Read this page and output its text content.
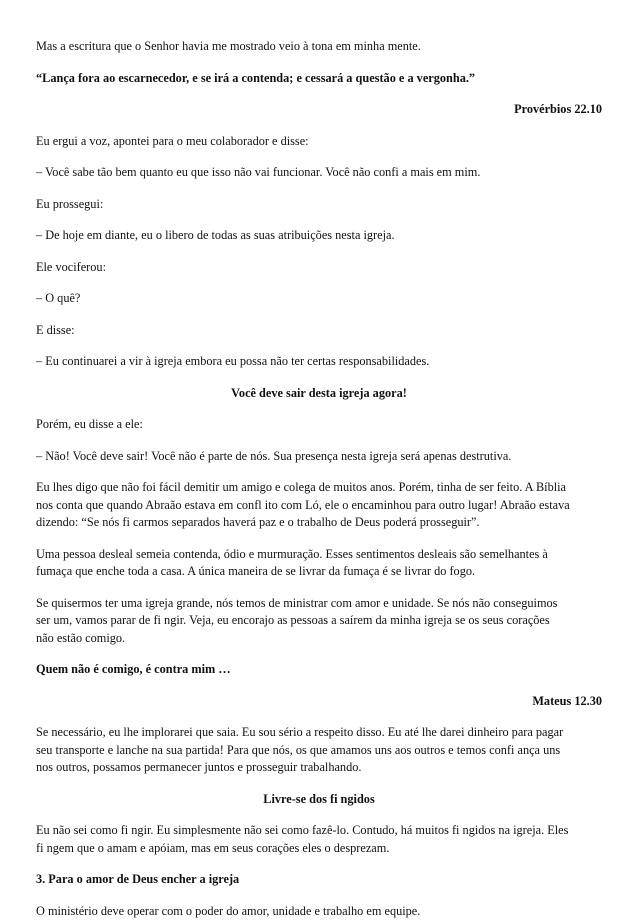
Mas a escritura que o Senhor havia me mostrado veio à tona em minha mente.

“Lança fora ao escarnecedor, e se irá a contenda; e cessará a questão e a vergonha.”

Provérbios 22.10

Eu ergui a voz, apontei para o meu colaborador e disse:

– Você sabe tão bem quanto eu que isso não vai funcionar. Você não confi a mais em mim.

Eu prossegui:

– De hoje em diante, eu o libero de todas as suas atribuições nesta igreja.

Ele vociferou:

– O quê?

E disse:

– Eu continuarei a vir à igreja embora eu possa não ter certas responsabilidades.

Você deve sair desta igreja agora!

Porém, eu disse a ele:

– Não! Você deve sair! Você não é parte de nós. Sua presença nesta igreja será apenas destrutiva.

Eu lhes digo que não foi fácil demitir um amigo e colega de muitos anos. Porém, tinha de ser feito. A Bíblia
nos conta que quando Abraão estava em confl ito com Ló, ele o encaminhou para outro lugar! Abraão estava
dizendo: “Se nós fi carmos separados haverá paz e o trabalho de Deus poderá prosseguir”.

Uma pessoa desleal semeia contenda, ódio e murmuração. Esses sentimentos desleais são semelhantes à
fumaça que enche toda a casa. A única maneira de se livrar da fumaça é se livrar do fogo.

Se quisermos ter uma igreja grande, nós temos de ministrar com amor e unidade. Se nós não conseguimos
ser um, vamos parar de fi ngir. Veja, eu encorajo as pessoas a saírem da minha igreja se os seus corações
não estão comigo.

Quem não é comigo, é contra mim …

Mateus 12.30

Se necessário, eu lhe implorarei que saia. Eu sou sério a respeito disso. Eu até lhe darei dinheiro para pagar
seu transporte e lanche na sua partida! Para que nós, os que amamos uns aos outros e temos confi ança uns
nos outros, possamos permanecer juntos e prosseguir trabalhando.

Livre-se dos fi ngidos

Eu não sei como fi ngir. Eu simplesmente não sei como fazê-lo. Contudo, há muitos fi ngidos na igreja. Eles
fi ngem que o amam e apóiam, mas em seus corações eles o desprezam.

3. Para o amor de Deus encher a igreja

O ministério deve operar com o poder do amor, unidade e trabalho em equipe.
